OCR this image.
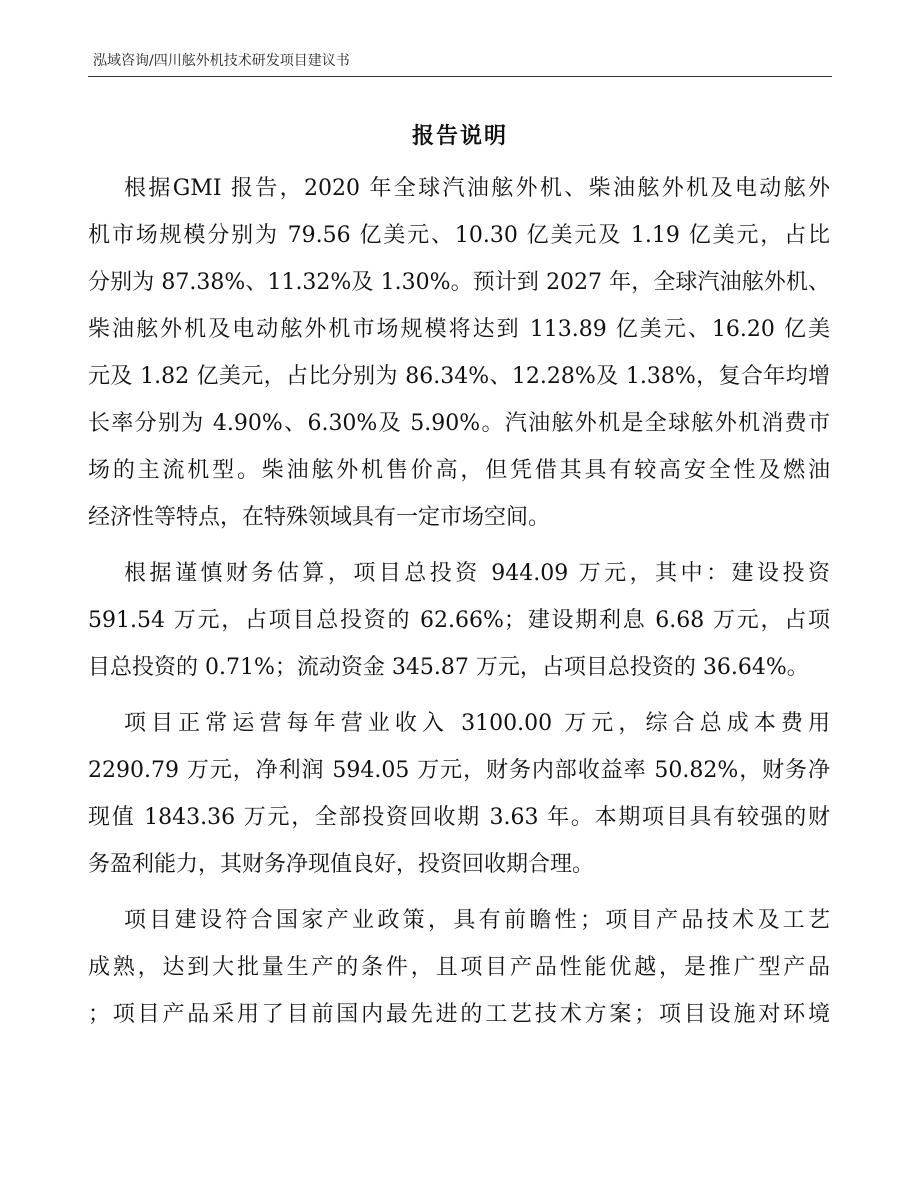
泓域咨询/四川舷外机技术研发项目建议书
报告说明
根据GMI 报告，2020 年全球汽油舷外机、柴油舷外机及电动舷外
机市场规模分别为 79.56 亿美元、10.30 亿美元及 1.19 亿美元，占比
分别为 87.38%、11.32%及 1.30%。预计到 2027 年，全球汽油舷外机、
柴油舷外机及电动舷外机市场规模将达到 113.89 亿美元、16.20 亿美
元及 1.82 亿美元，占比分别为 86.34%、12.28%及 1.38%，复合年均增
长率分别为 4.90%、6.30%及 5.90%。汽油舷外机是全球舷外机消费市
场的主流机型。柴油舷外机售价高，但凭借其具有较高安全性及燃油
经济性等特点，在特殊领域具有一定市场空间。
根据谨慎财务估算，项目总投资 944.09 万元，其中：建设投资
591.54 万元，占项目总投资的 62.66%；建设期利息 6.68 万元，占项
目总投资的 0.71%；流动资金 345.87 万元，占项目总投资的 36.64%。
项目正常运营每年营业收入 3100.00 万元，综合总成本费用
2290.79 万元，净利润 594.05 万元，财务内部收益率 50.82%，财务净
现值 1843.36 万元，全部投资回收期 3.63 年。本期项目具有较强的财
务盈利能力，其财务净现值良好，投资回收期合理。
项目建设符合国家产业政策，具有前瞻性；项目产品技术及工艺
成熟，达到大批量生产的条件，且项目产品性能优越，是推广型产品
；项目产品采用了目前国内最先进的工艺技术方案；项目设施对环境
